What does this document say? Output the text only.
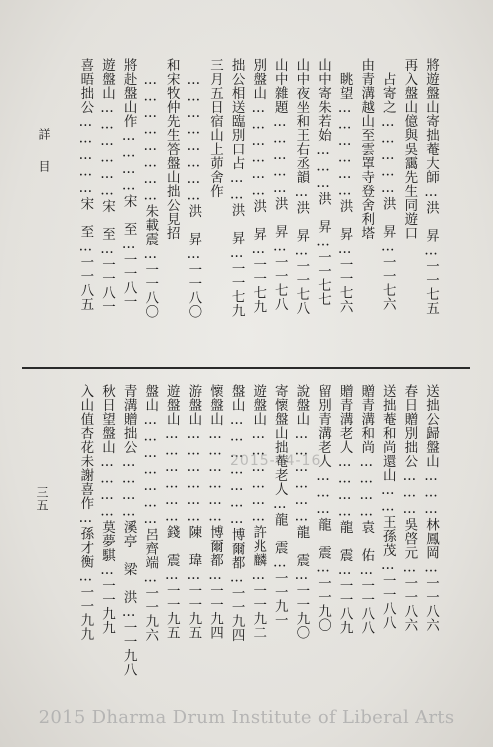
詳目	將遊盤山寄拙菴大師…洪　昇…一一七五
再入盤山億與吳靄先生同遊口
　占寄之……………洪　昇…一一七六
由青溝越山至雲罩寺登舍利塔
　眺望………………洪　昇…一一七六
山中寄朱若始………洪　昇…一一七七
山中夜坐和王右丞韻…洪　昇…一一七八
山中雜題……………洪　昇…一一七八
別盤山………………洪　昇…一一七九
拙公相送臨別口占……洪　昇…一一七九
三月五日宿山上茆舍作
　……………………洪　昇…一一八〇
和宋牧仲先生答盤山拙公見招
　……………………朱載震…一一八〇
將赴盤山作…………宋　至…一一八一
遊盤山………………宋　至…一一八一
喜晤拙公……………宋　至…一一八五
送拙公歸盤山………林鳳岡…一一八六
春日贈別拙公………吳啓元…一一八六
送拙菴和尚還山……王孫茂…一一八八
贈青溝和尚…………袁　佑…一一八八
贈青溝老人…………龍　震…一一八九
留別青溝老人………龍　震…一一九〇
說盤山………………龍　震…一一九〇
寄懷盤山拙菴老人…龍　震…一一九一
遊盤山………………許兆麟…一一九二
盤山…………………博爾都…一一九四
懷盤山………………博爾都…一一九四
游盤山………………陳　瑋…一一九五
遊盤山………………錢　震…一一九五
盤山…………………呂齊端…一一九六
青溝贈拙公…………溪亭　梁　洪…一一九八
秋日望盤山…………莫夢騏…一一九九
入山值杏花未謝喜作…孫才衡…一一九九
三五
2015-04-16
2015 Dharma Drum Institute of Liberal Arts
